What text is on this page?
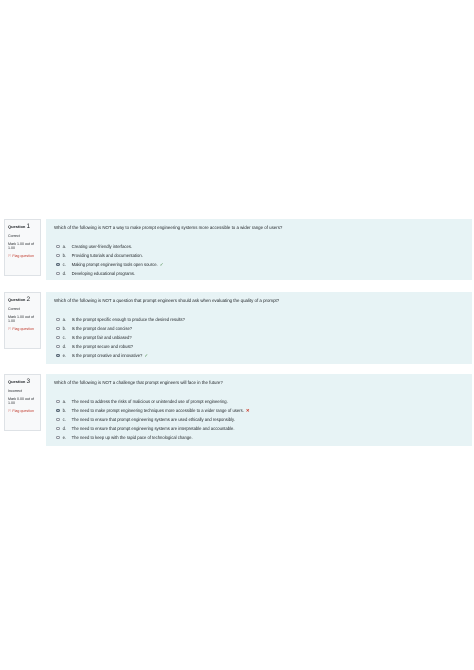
Question 1
Correct
Mark 1.00 out of 1.00
⚐ Flag question
Which of the following is NOT a way to make prompt engineering systems more accessible to a wider range of users?
a.	Creating user-friendly interfaces.
b.	Providing tutorials and documentation.
c.	Making prompt engineering tools open source. ✓
d.	Developing educational programs.
Question 2
Correct
Mark 1.00 out of 1.00
⚐ Flag question
Which of the following is NOT a question that prompt engineers should ask when evaluating the quality of a prompt?
a.	Is the prompt specific enough to produce the desired results?
b.	Is the prompt clear and concise?
c.	Is the prompt fair and unbiased?
d.	Is the prompt secure and robust?
e.	Is the prompt creative and innovative? ✓
Question 3
Incorrect
Mark 0.00 out of 1.00
⚐ Flag question
Which of the following is NOT a challenge that prompt engineers will face in the future?
a.	The need to address the risks of malicious or unintended use of prompt engineering.
b.	The need to make prompt engineering techniques more accessible to a wider range of users. ✕
c.	The need to ensure that prompt engineering systems are used ethically and responsibly.
d.	The need to ensure that prompt engineering systems are interpretable and accountable.
e.	The need to keep up with the rapid pace of technological change.
